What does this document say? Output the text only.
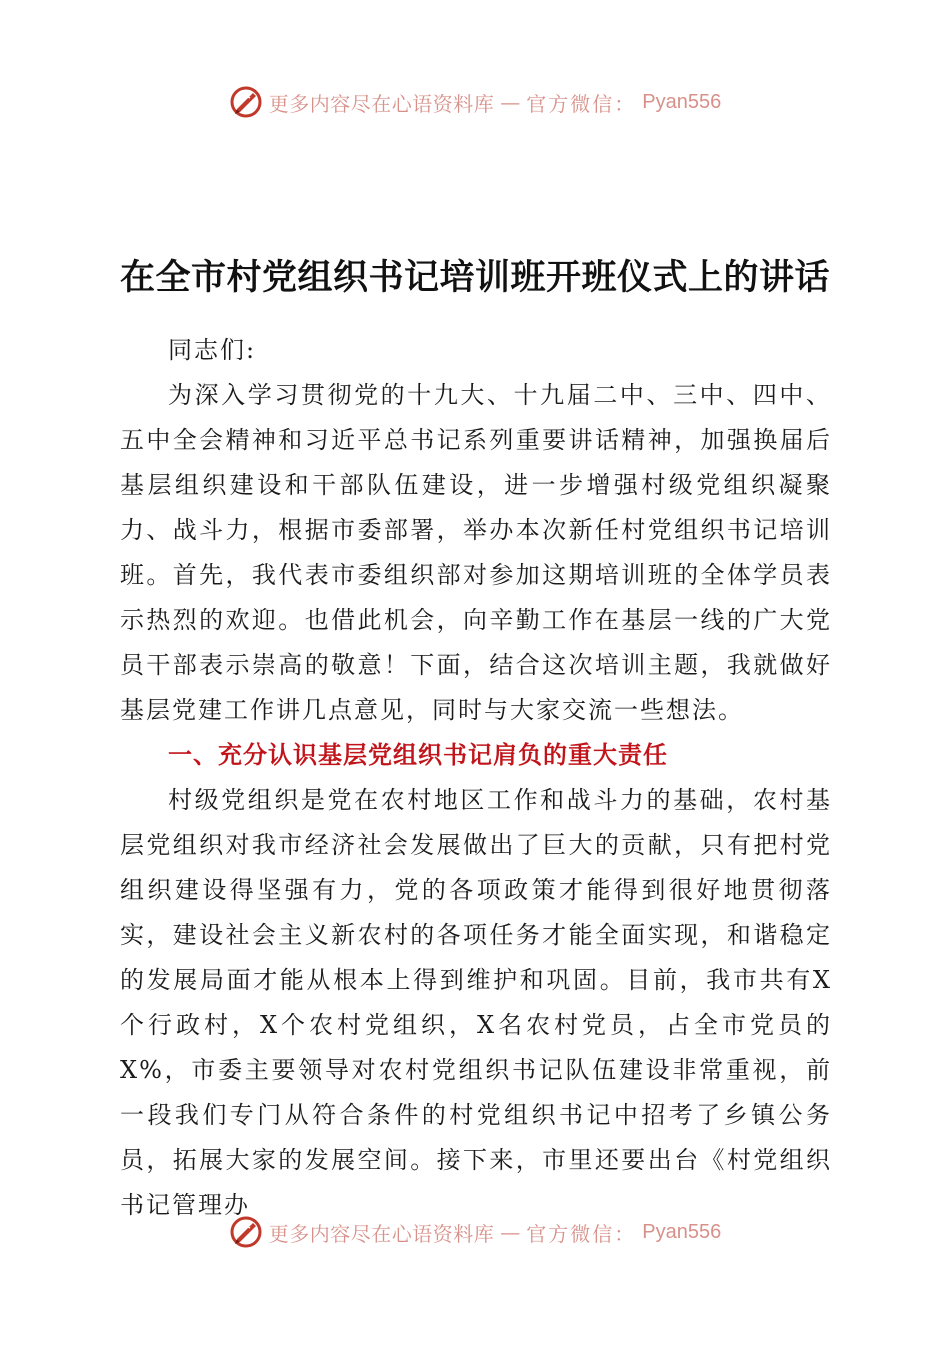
更多内容尽在心语资料库 — 官方微信： Pyan556
在全市村党组织书记培训班开班仪式上的讲话

同志们:

为深入学习贯彻党的十九大、十九届二中、三中、四中、五中全会精神和习近平总书记系列重要讲话精神，加强换届后基层组织建设和干部队伍建设，进一步增强村级党组织凝聚力、战斗力，根据市委部署，举办本次新任村党组织书记培训班。首先，我代表市委组织部对参加这期培训班的全体学员表示热烈的欢迎。也借此机会，向辛勤工作在基层一线的广大党员干部表示崇高的敬意！下面，结合这次培训主题，我就做好基层党建工作讲几点意见，同时与大家交流一些想法。

一、充分认识基层党组织书记肩负的重大责任

村级党组织是党在农村地区工作和战斗力的基础，农村基层党组织对我市经济社会发展做出了巨大的贡献，只有把村党组织建设得坚强有力，党的各项政策才能得到很好地贯彻落实，建设社会主义新农村的各项任务才能全面实现，和谐稳定的发展局面才能从根本上得到维护和巩固。目前，我市共有X个行政村，X个农村党组织，X名农村党员，占全市党员的X%，市委主要领导对农村党组织书记队伍建设非常重视，前一段我们专门从符合条件的村党组织书记中招考了乡镇公务员，拓展大家的发展空间。接下来，市里还要出台《村党组织书记管理办

更多内容尽在心语资料库 — 官方微信： Pyan556
